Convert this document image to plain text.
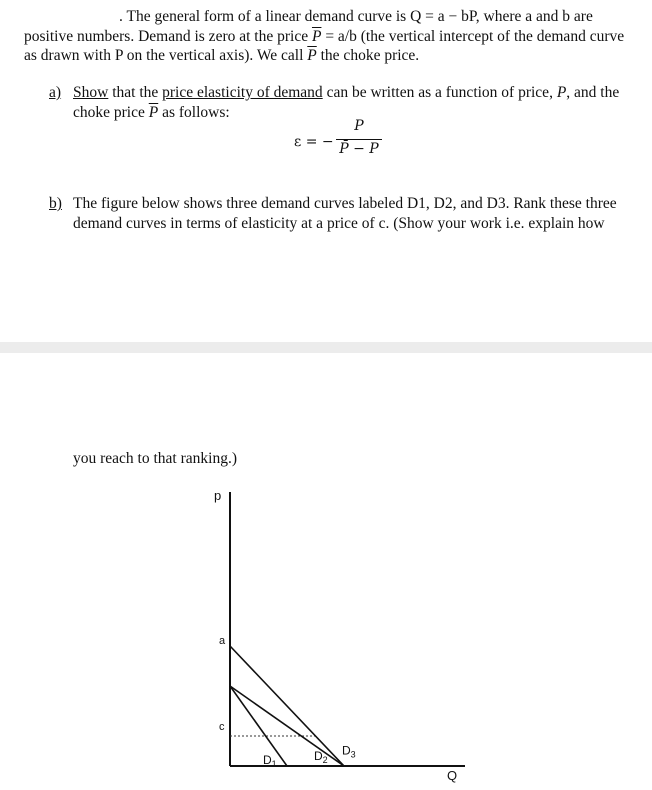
. The general form of a linear demand curve is Q = a − bP, where a and b are

positive numbers. Demand is zero at the price $\overline{P} = a/b$ (the vertical intercept of the demand curve

as drawn with P on the vertical axis). We call $\overline{P}$ the choke price.

a) Show that the price elasticity of demand can be written as a function of price, P, and the
choke price $\overline{P}$ as follows:
ε = −
P
P̄ − P
b) The figure below shows three demand curves labeled D1, D2, and D3. Rank these three
demand curves in terms of elasticity at a price of c. (Show your work i.e. explain how
you reach to that ranking.)
p
Q
a
c
$D_1$
$D_2$
$D_3$
